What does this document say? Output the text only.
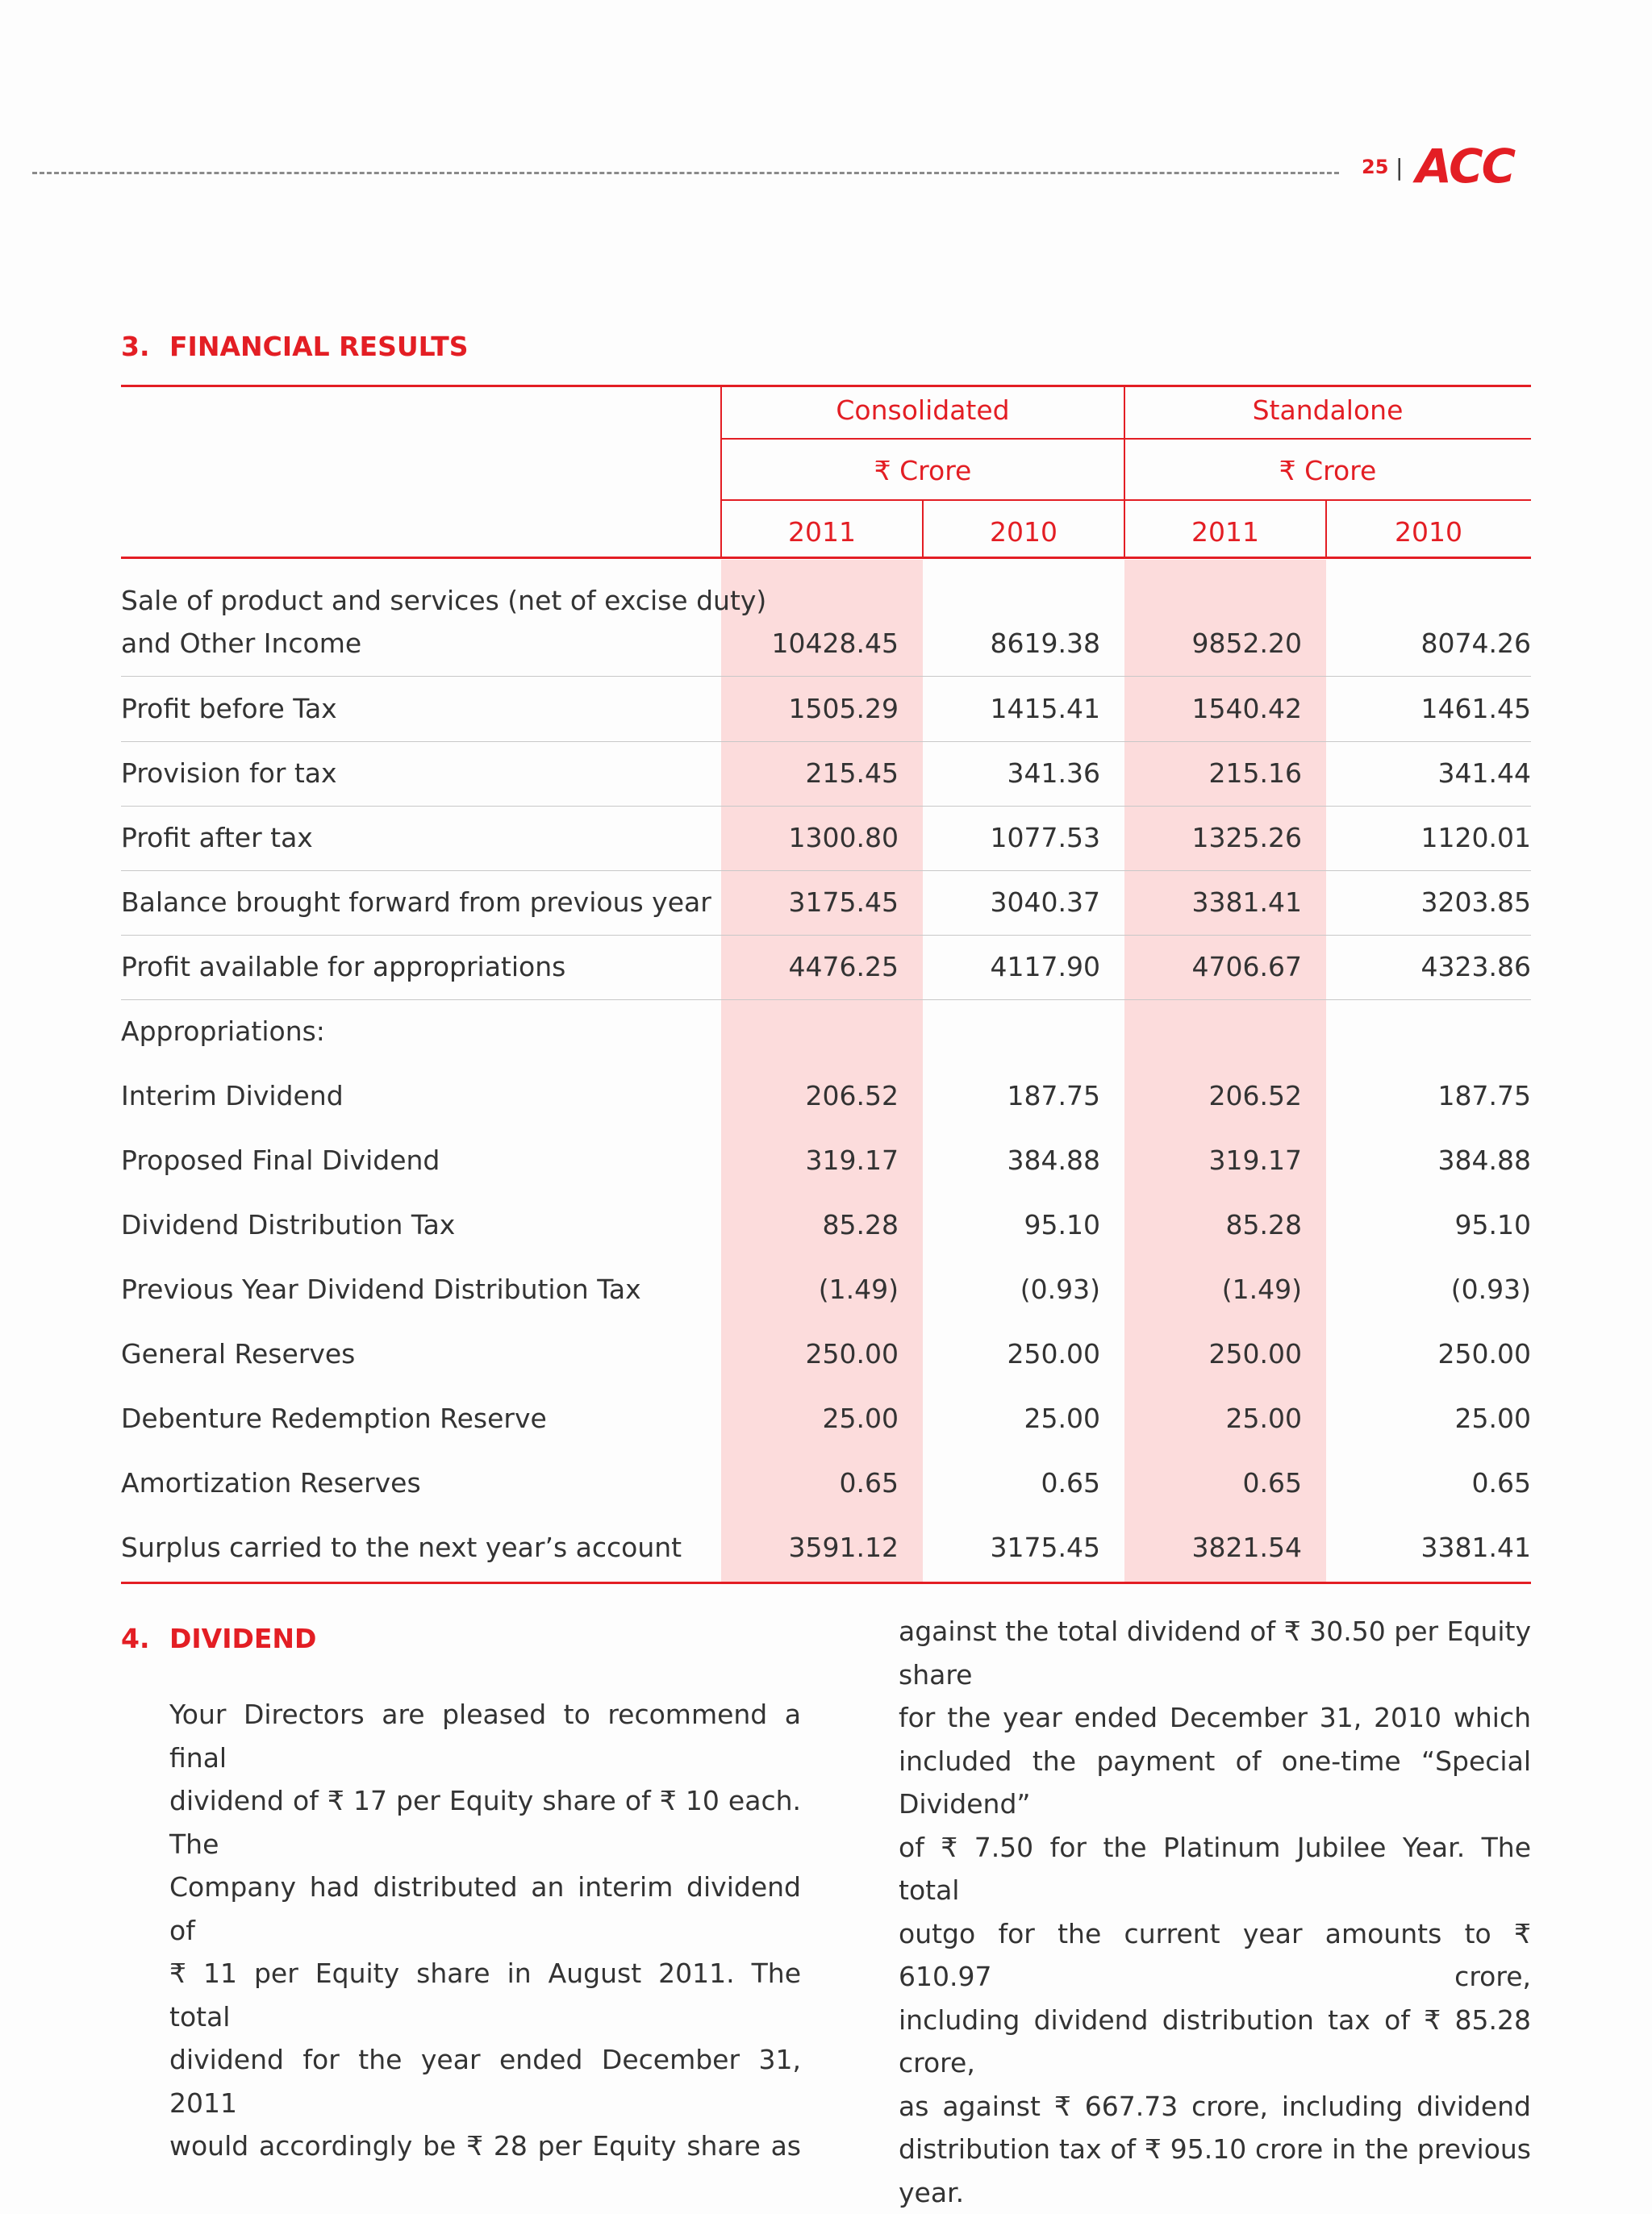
25 | ACC
3. FINANCIAL RESULTS
Consolidated	Standalone
₹ Crore	₹ Crore
2011	2010	2011	2010
Sale of product and services (net of excise duty)
and Other Income	10428.45	8619.38	9852.20	8074.26
Profit before Tax	1505.29	1415.41	1540.42	1461.45
Provision for tax	215.45	341.36	215.16	341.44
Profit after tax	1300.80	1077.53	1325.26	1120.01
Balance brought forward from previous year	3175.45	3040.37	3381.41	3203.85
Profit available for appropriations	4476.25	4117.90	4706.67	4323.86
Appropriations:
Interim Dividend	206.52	187.75	206.52	187.75
Proposed Final Dividend	319.17	384.88	319.17	384.88
Dividend Distribution Tax	85.28	95.10	85.28	95.10
Previous Year Dividend Distribution Tax	(1.49)	(0.93)	(1.49)	(0.93)
General Reserves	250.00	250.00	250.00	250.00
Debenture Redemption Reserve	25.00	25.00	25.00	25.00
Amortization Reserves	0.65	0.65	0.65	0.65
Surplus carried to the next year’s account	3591.12	3175.45	3821.54	3381.41
4. DIVIDEND
Your Directors are pleased to recommend a final
dividend of ₹ 17 per Equity share of ₹ 10 each. The
Company had distributed an interim dividend of
₹ 11 per Equity share in August 2011. The total
dividend for the year ended December 31, 2011
would accordingly be ₹ 28 per Equity share as
against the total dividend of ₹ 30.50 per Equity share
for the year ended December 31, 2010 which
included the payment of one-time “Special Dividend”
of ₹ 7.50 for the Platinum Jubilee Year. The total
outgo for the current year amounts to ₹ 610.97 crore,
including dividend distribution tax of ₹ 85.28 crore,
as against ₹ 667.73 crore, including dividend
distribution tax of ₹ 95.10 crore in the previous year.
